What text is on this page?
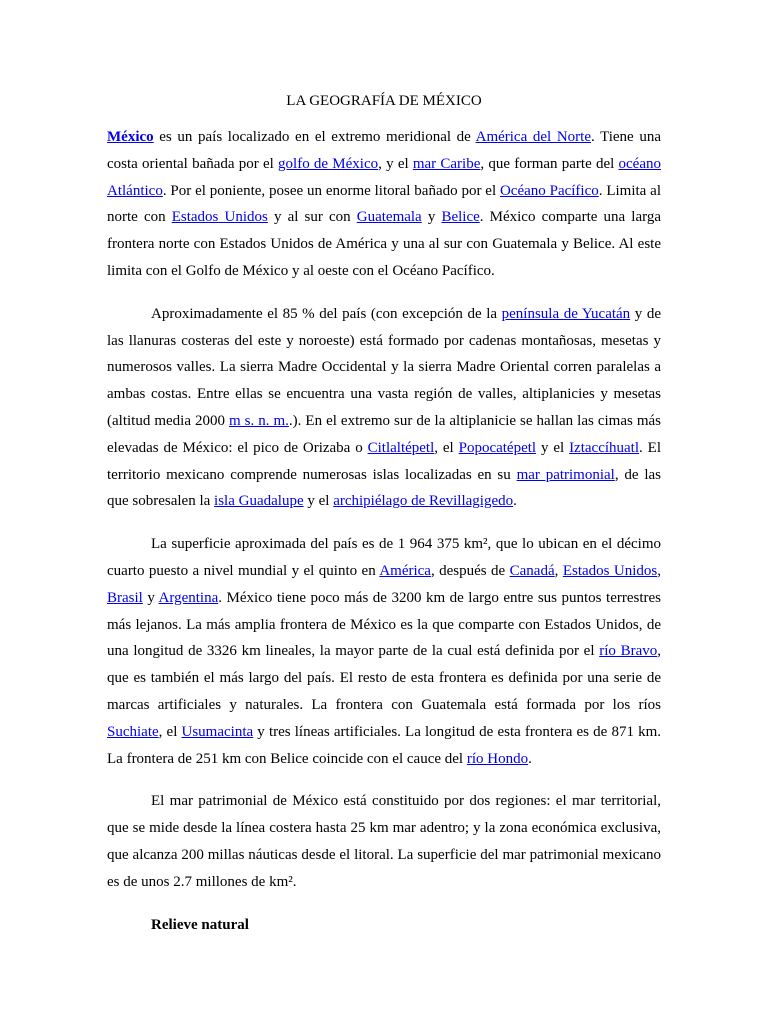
LA GEOGRAFÍA DE MÉXICO

México es un país localizado en el extremo meridional de América del Norte. Tiene una costa oriental bañada por el golfo de México, y el mar Caribe, que forman parte del océano Atlántico. Por el poniente, posee un enorme litoral bañado por el Océano Pacífico. Limita al norte con Estados Unidos y al sur con Guatemala y Belice. México comparte una larga frontera norte con Estados Unidos de América y una al sur con Guatemala y Belice. Al este limita con el Golfo de México y al oeste con el Océano Pacífico.

Aproximadamente el 85 % del país (con excepción de la península de Yucatán y de las llanuras costeras del este y noroeste) está formado por cadenas montañosas, mesetas y numerosos valles. La sierra Madre Occidental y la sierra Madre Oriental corren paralelas a ambas costas. Entre ellas se encuentra una vasta región de valles, altiplanicies y mesetas (altitud media 2000 m s. n. m..). En el extremo sur de la altiplanicie se hallan las cimas más elevadas de México: el pico de Orizaba o Citlaltépetl, el Popocatépetl y el Iztaccíhuatl. El territorio mexicano comprende numerosas islas localizadas en su mar patrimonial, de las que sobresalen la isla Guadalupe y el archipiélago de Revillagigedo.

La superficie aproximada del país es de 1 964 375 km², que lo ubican en el décimo cuarto puesto a nivel mundial y el quinto en América, después de Canadá, Estados Unidos, Brasil y Argentina. México tiene poco más de 3200 km de largo entre sus puntos terrestres más lejanos. La más amplia frontera de México es la que comparte con Estados Unidos, de una longitud de 3326 km lineales, la mayor parte de la cual está definida por el río Bravo, que es también el más largo del país. El resto de esta frontera es definida por una serie de marcas artificiales y naturales. La frontera con Guatemala está formada por los ríos Suchiate, el Usumacinta y tres líneas artificiales. La longitud de esta frontera es de 871 km. La frontera de 251 km con Belice coincide con el cauce del río Hondo.

El mar patrimonial de México está constituido por dos regiones: el mar territorial, que se mide desde la línea costera hasta 25 km mar adentro; y la zona económica exclusiva, que alcanza 200 millas náuticas desde el litoral. La superficie del mar patrimonial mexicano es de unos 2.7 millones de km².

Relieve natural
